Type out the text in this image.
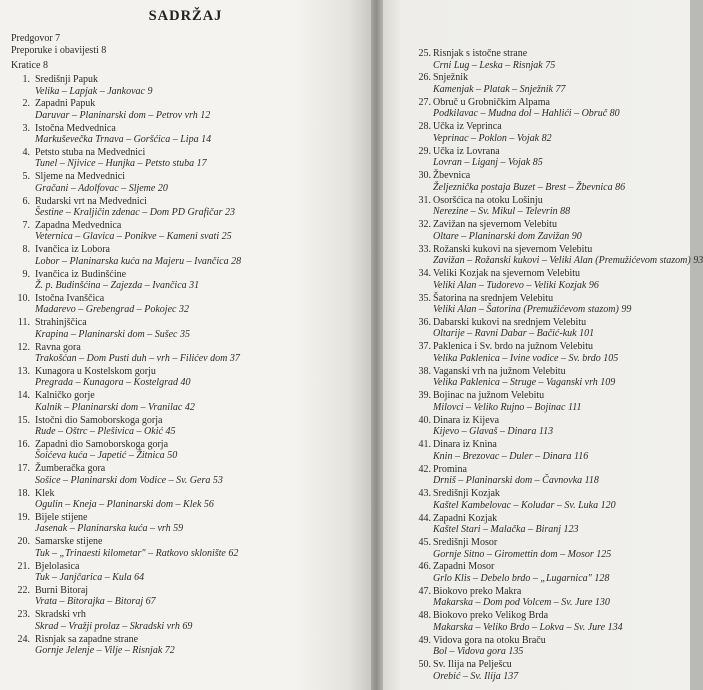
SADRŽAJ
Predgovor 7
Preporuke i obavijesti 8
Kratice 8
1. Središnji Papuk
Velika – Lapjak – Jankovac 9
2. Zapadni Papuk
Daruvar – Planinarski dom – Petrov vrh 12
3. Istočna Medvednica
Markuševečka Trnava – Goršćica – Lipa 14
4. Petsto stuba na Medvednici
Tunel – Njivice – Hunjka – Petsto stuba 17
5. Sljeme na Medvednici
Gračani – Adolfovac – Sljeme 20
6. Rudarski vrt na Medvednici
Šestine – Kraljičin zdenac – Dom PD Grafičar 23
7. Zapadna Medvednica
Veternica – Glavica – Ponikve – Kameni svati 25
8. Ivančica iz Lobora
Lobor – Planinarska kuća na Majeru – Ivančica 28
9. Ivančica iz Budinšćine
Ž. p. Budinšćina – Zajezda – Ivančica 31
10. Istočna Ivanščica
Madarevo – Grebengrad – Pokojec 32
11. Strahinjščica
Krapina – Planinarski dom – Sušec 35
12. Ravna gora
Trakošćan – Dom Pusti duh – vrh – Filićev dom 37
13. Kunagora u Kostelskom gorju
Pregrada – Kunagora – Kostelgrad 40
14. Kalničko gorje
Kalnik – Planinarski dom – Vranilac 42
15. Istočni dio Samoborskoga gorja
Rude – Oštrc – Plešivica – Okić 45
16. Zapadni dio Samoborskoga gorja
Šoićeva kuća – Japetić – Žitnica 50
17. Žumberačka gora
Sošice – Planinarski dom Vodice – Sv. Gera 53
18. Klek
Ogulin – Kneja – Planinarski dom – Klek 56
19. Bijele stijene
Jasenak – Planinarska kuća – vrh 59
20. Samarske stijene
Tuk – „Trinaesti kilometar" – Ratkovo sklonište 62
21. Bjelolasica
Tuk – Janjčarica – Kula 64
22. Burni Bitoraj
Vrata – Bitorajka – Bitoraj 67
23. Skradski vrh
Skrad – Vražji prolaz – Skradski vrh 69
24. Risnjak sa zapadne strane
Gornje Jelenje – Vilje – Risnjak 72
25. Risnjak s istočne strane
Crni Lug – Leska – Risnjak 75
26. Snježnik
Kamenjak – Platak – Snježnik 77
27. Obruč u Grobničkim Alpama
Podkilavac – Mudna dol – Hahlići – Obruč 80
28. Učka iz Veprinca
Veprinac – Poklon – Vojak 82
29. Učka iz Lovrana
Lovran – Liganj – Vojak 85
30. Žbevnica
Željeznička postaja Buzet – Brest – Žbevnica 86
31. Osoršćica na otoku Lošinju
Nerezine – Sv. Mikul – Televrin 88
32. Zavižan na sjevernom Velebitu
Oltare – Planinarski dom Zavižan 90
33. Rožanski kukovi na sjevernom Velebitu
Zavižan – Rožanski kukovi – Veliki Alan (Premužićevom stazom) 93
34. Veliki Kozjak na sjevernom Velebitu
Veliki Alan – Tudorevo – Veliki Kozjak 96
35. Šatorina na srednjem Velebitu
Veliki Alan – Šatorina (Premužićevom stazom) 99
36. Dabarski kukovi na srednjem Velebitu
Oltarije – Ravni Dabar – Bačić-kuk 101
37. Paklenica i Sv. brdo na južnom Velebitu
Velika Paklenica – Ivine vodice – Sv. brdo 105
38. Vaganski vrh na južnom Velebitu
Velika Paklenica – Struge – Vaganski vrh 109
39. Bojinac na južnom Velebitu
Milovci – Veliko Rujno – Bojinac 111
40. Dinara iz Kijeva
Kijevo – Glavaš – Dinara 113
41. Dinara iz Knina
Knin – Brezovac – Duler – Dinara 116
42. Promina
Drniš – Planinarski dom – Čavnovka 118
43. Središnji Kozjak
Kaštel Kambelovac – Koludar – Sv. Luka 120
44. Zapadni Kozjak
Kaštel Stari – Malačka – Biranj 123
45. Središnji Mosor
Gornje Sitno – Giromettin dom – Mosor 125
46. Zapadni Mosor
Grlo Klis – Debelo brdo – „Lugarnica" 128
47. Biokovo preko Makra
Makarska – Dom pod Volcem – Sv. Jure 130
48. Biokovo preko Velikog Brda
Makarska – Veliko Brdo – Lokva – Sv. Jure 134
49. Vidova gora na otoku Braču
Bol – Vidova gora 135
50. Sv. Ilija na Pelješcu
Orebić – Sv. Ilija 137
